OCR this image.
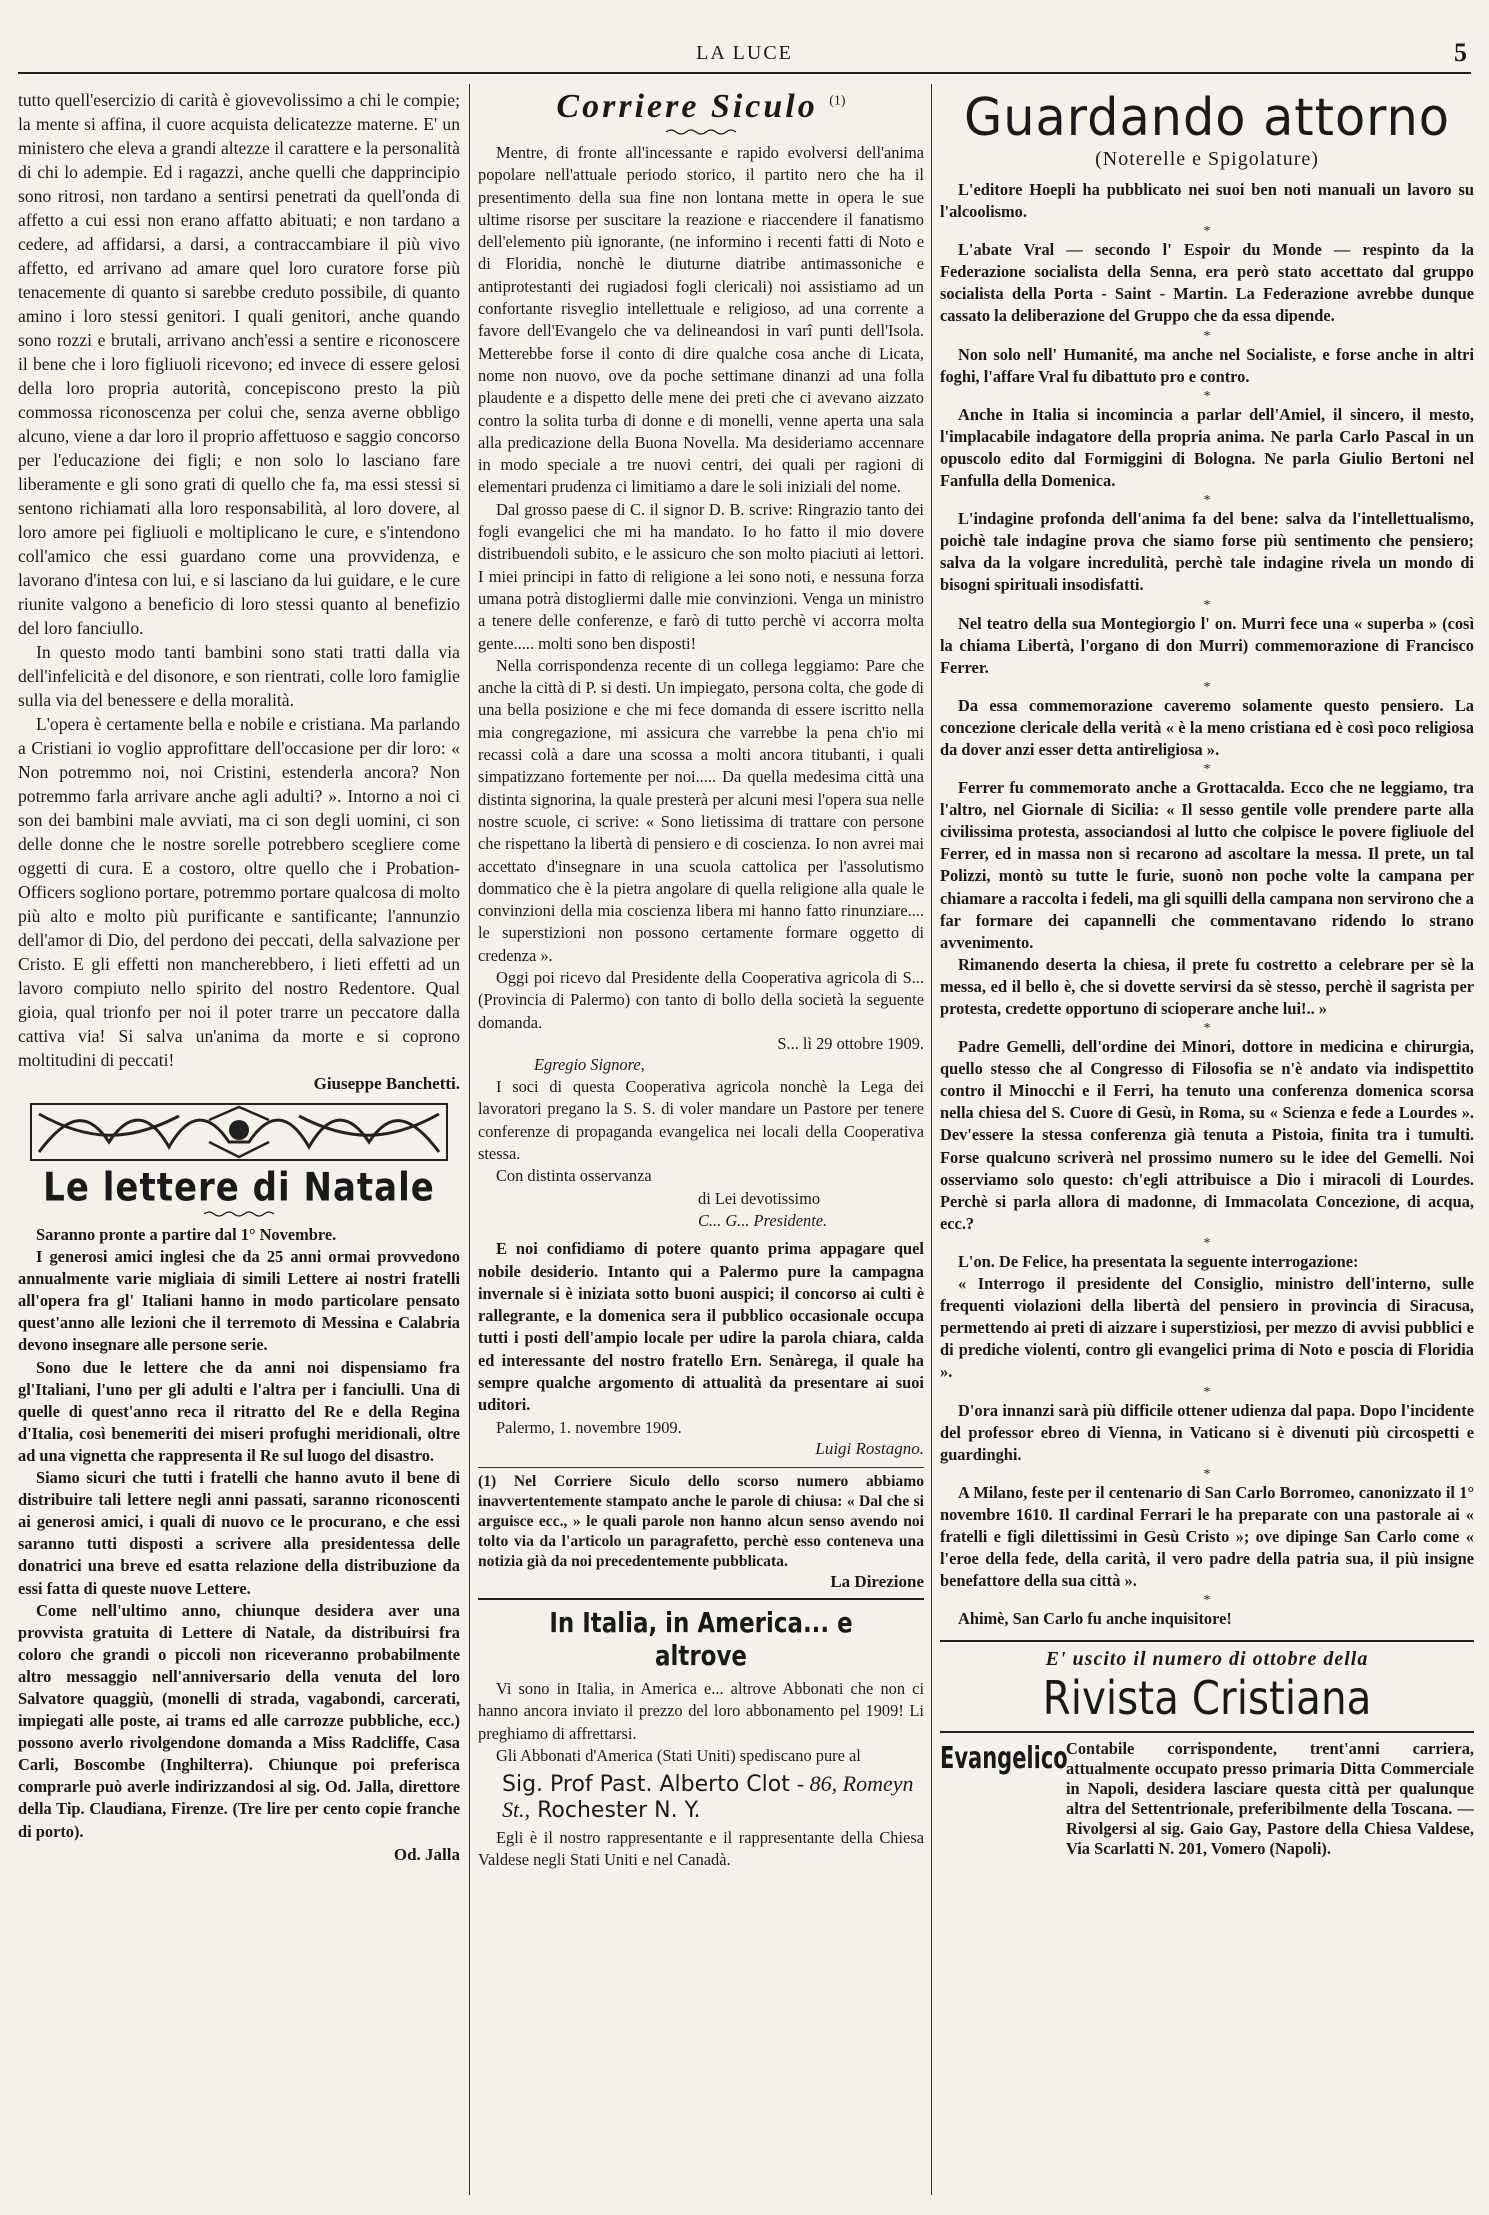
LA LUCE	5

tutto quell'esercizio di carità è giovevolissimo a chi le compie; la mente si affina, il cuore acquista delicatezze materne. E' un ministero che eleva a grandi altezze il carattere e la personalità di chi lo adempie. Ed i ragazzi, anche quelli che dapprincipio sono ritrosi, non tardano a sentirsi penetrati da quell'onda di affetto a cui essi non erano affatto abituati; e non tardano a cedere, ad affidarsi, a darsi, a contraccambiare il più vivo affetto, ed arrivano ad amare quel loro curatore forse più tenacemente di quanto si sarebbe creduto possibile, di quanto amino i loro stessi genitori. I quali genitori, anche quando sono rozzi e brutali, arrivano anch'essi a sentire e riconoscere il bene che i loro figliuoli ricevono; ed invece di essere gelosi della loro propria autorità, concepiscono presto la più commossa riconoscenza per colui che, senza averne obbligo alcuno, viene a dar loro il proprio affettuoso e saggio concorso per l'educazione dei figli; e non solo lo lasciano fare liberamente e gli sono grati di quello che fa, ma essi stessi si sentono richiamati alla loro responsabilità, al loro dovere, al loro amore pei figliuoli e moltiplicano le cure, e s'intendono coll'amico che essi guardano come una provvidenza, e lavorano d'intesa con lui, e si lasciano da lui guidare, e le cure riunite valgono a beneficio di loro stessi quanto al benefizio del loro fanciullo.

In questo modo tanti bambini sono stati tratti dalla via dell'infelicità e del disonore, e son rientrati, colle loro famiglie sulla via del benessere e della moralità.

L'opera è certamente bella e nobile e cristiana. Ma parlando a Cristiani io voglio approfittare dell'occasione per dir loro: « Non potremmo noi, noi Cristini, estenderla ancora? Non potremmo farla arrivare anche agli adulti? ». Intorno a noi ci son dei bambini male avviati, ma ci son degli uomini, ci son delle donne che le nostre sorelle potrebbero scegliere come oggetti di cura. E a costoro, oltre quello che i Probation-Officers sogliono portare, potremmo portare qualcosa di molto più alto e molto più purificante e santificante; l'annunzio dell'amor di Dio, del perdono dei peccati, della salvazione per Cristo. E gli effetti non mancherebbero, i lieti effetti ad un lavoro compiuto nello spirito del nostro Redentore. Qual gioia, qual trionfo per noi il poter trarre un peccatore dalla cattiva via! Si salva un'anima da morte e si coprono moltitudini di peccati!

Giuseppe Banchetti.
Le lettere di Natale

Saranno pronte a partire dal 1° Novembre.

I generosi amici inglesi che da 25 anni ormai provvedono annualmente varie migliaia di simili Lettere ai nostri fratelli all'opera fra gl' Italiani hanno in modo particolare pensato quest'anno alle lezioni che il terremoto di Messina e Calabria devono insegnare alle persone serie.

Sono due le lettere che da anni noi dispensiamo fra gl'Italiani, l'uno per gli adulti e l'altra per i fanciulli. Una di quelle di quest'anno reca il ritratto del Re e della Regina d'Italia, così benemeriti dei miseri profughi meridionali, oltre ad una vignetta che rappresenta il Re sul luogo del disastro.

Siamo sicuri che tutti i fratelli che hanno avuto il bene di distribuire tali lettere negli anni passati, saranno riconoscenti ai generosi amici, i quali di nuovo ce le procurano, e che essi saranno tutti disposti a scrivere alla presidentessa delle donatrici una breve ed esatta relazione della distribuzione da essi fatta di queste nuove Lettere.

Come nell'ultimo anno, chiunque desidera aver una provvista gratuita di Lettere di Natale, da distribuirsi fra coloro che grandi o piccoli non riceveranno probabilmente altro messaggio nell'anniversario della venuta del loro Salvatore quaggiù, (monelli di strada, vagabondi, carcerati, impiegati alle poste, ai trams ed alle carrozze pubbliche, ecc.) possono averlo rivolgendone domanda a Miss Radcliffe, Casa Carli, Boscombe (Inghilterra). Chiunque poi preferisca comprarle può averle indirizzandosi al sig. Od. Jalla, direttore della Tip. Claudiana, Firenze. (Tre lire per cento copie franche di porto).

Od. Jalla
Corriere Siculo $^{(1)}$

Mentre, di fronte all'incessante e rapido evolversi dell'anima popolare nell'attuale periodo storico, il partito nero che ha il presentimento della sua fine non lontana mette in opera le sue ultime risorse per suscitare la reazione e riaccendere il fanatismo dell'elemento più ignorante, (ne informino i recenti fatti di Noto e di Floridia, nonchè le diuturne diatribe antimassoniche e antiprotestanti dei rugiadosi fogli clericali) noi assistiamo ad un confortante risveglio intellettuale e religioso, ad una corrente a favore dell'Evangelo che va delineandosi in varî punti dell'Isola. Metterebbe forse il conto di dire qualche cosa anche di Licata, nome non nuovo, ove da poche settimane dinanzi ad una folla plaudente e a dispetto delle mene dei preti che ci avevano aizzato contro la solita turba di donne e di monelli, venne aperta una sala alla predicazione della Buona Novella. Ma desideriamo accennare in modo speciale a tre nuovi centri, dei quali per ragioni di elementari prudenza ci limitiamo a dare le soli iniziali del nome.

Dal grosso paese di C. il signor D. B. scrive: Ringrazio tanto dei fogli evangelici che mi ha mandato. Io ho fatto il mio dovere distribuendoli subito, e le assicuro che son molto piaciuti ai lettori. I miei principi in fatto di religione a lei sono noti, e nessuna forza umana potrà distogliermi dalle mie convinzioni. Venga un ministro a tenere delle conferenze, e farò di tutto perchè vi accorra molta gente..... molti sono ben disposti!

Nella corrispondenza recente di un collega leggiamo: Pare che anche la città di P. si desti. Un impiegato, persona colta, che gode di una bella posizione e che mi fece domanda di essere iscritto nella mia congregazione, mi assicura che varrebbe la pena ch'io mi recassi colà a dare una scossa a molti ancora titubanti, i quali simpatizzano fortemente per noi..... Da quella medesima città una distinta signorina, la quale presterà per alcuni mesi l'opera sua nelle nostre scuole, ci scrive: « Sono lietissima di trattare con persone che rispettano la libertà di pensiero e di coscienza. Io non avrei mai accettato d'insegnare in una scuola cattolica per l'assolutismo dommatico che è la pietra angolare di quella religione alla quale le convinzioni della mia coscienza libera mi hanno fatto rinunziare.... le superstizioni non possono certamente formare oggetto di credenza ».

Oggi poi ricevo dal Presidente della Cooperativa agricola di S... (Provincia di Palermo) con tanto di bollo della società la seguente domanda.

S... lì 29 ottobre 1909.

Egregio Signore,

I soci di questa Cooperativa agricola nonchè la Lega dei lavoratori pregano la S. S. di voler mandare un Pastore per tenere conferenze di propaganda evangelica nei locali della Cooperativa stessa.

Con distinta osservanza

di Lei devotissimo

C... G... Presidente.

E noi confidiamo di potere quanto prima appagare quel nobile desiderio. Intanto qui a Palermo pure la campagna invernale si è iniziata sotto buoni auspici; il concorso ai culti è rallegrante, e la domenica sera il pubblico occasionale occupa tutti i posti dell'ampio locale per udire la parola chiara, calda ed interessante del nostro fratello Ern. Senàrega, il quale ha sempre qualche argomento di attualità da presentare ai suoi uditori.

Palermo, 1. novembre 1909.

Luigi Rostagno.
(1) Nel Corriere Siculo dello scorso numero abbiamo inavvertentemente stampato anche le parole di chiusa: « Dal che si arguisce ecc., » le quali parole non hanno alcun senso avendo noi tolto via da l'articolo un paragrafetto, perchè esso conteneva una notizia già da noi precedentemente pubblicata.
La Direzione
In Italia, in America... e altrove

Vi sono in Italia, in America e... altrove Abbonati che non ci hanno ancora inviato il prezzo del loro abbonamento pel 1909! Li preghiamo di affrettarsi.

Gli Abbonati d'America (Stati Uniti) spediscano pure al

Sig. Prof Past. Alberto Clot - 86, Romeyn St., Rochester N. Y.

Egli è il nostro rappresentante e il rappresentante della Chiesa Valdese negli Stati Uniti e nel Canadà.

Guardando attorno
(Noterelle e Spigolature)

L'editore Hoepli ha pubblicato nei suoi ben noti manuali un lavoro su l'alcoolismo.

*

L'abate Vral — secondo l' Espoir du Monde — respinto da la Federazione socialista della Senna, era però stato accettato dal gruppo socialista della Porta - Saint - Martin. La Federazione avrebbe dunque cassato la deliberazione del Gruppo che da essa dipende.

*

Non solo nell' Humanité, ma anche nel Socialiste, e forse anche in altri foghi, l'affare Vral fu dibattuto pro e contro.

*

Anche in Italia si incomincia a parlar dell'Amiel, il sincero, il mesto, l'implacabile indagatore della propria anima. Ne parla Carlo Pascal in un opuscolo edito dal Formiggini di Bologna. Ne parla Giulio Bertoni nel Fanfulla della Domenica.

*

L'indagine profonda dell'anima fa del bene: salva da l'intellettualismo, poichè tale indagine prova che siamo forse più sentimento che pensiero; salva da la volgare incredulità, perchè tale indagine rivela un mondo di bisogni spirituali insodisfatti.

*

Nel teatro della sua Montegiorgio l' on. Murri fece una « superba » (così la chiama Libertà, l'organo di don Murri) commemorazione di Francisco Ferrer.

*

Da essa commemorazione caveremo solamente questo pensiero. La concezione clericale della verità « è la meno cristiana ed è così poco religiosa da dover anzi esser detta antireligiosa ».

*

Ferrer fu commemorato anche a Grottacalda. Ecco che ne leggiamo, tra l'altro, nel Giornale di Sicilia: « Il sesso gentile volle prendere parte alla civilissima protesta, associandosi al lutto che colpisce le povere figliuole del Ferrer, ed in massa non si recarono ad ascoltare la messa. Il prete, un tal Polizzi, montò su tutte le furie, suonò non poche volte la campana per chiamare a raccolta i fedeli, ma gli squilli della campana non servirono che a far formare dei capannelli che commentavano ridendo lo strano avvenimento.

Rimanendo deserta la chiesa, il prete fu costretto a celebrare per sè la messa, ed il bello è, che si dovette servirsi da sè stesso, perchè il sagrista per protesta, credette opportuno di scioperare anche lui!.. »

*

Padre Gemelli, dell'ordine dei Minori, dottore in medicina e chirurgia, quello stesso che al Congresso di Filosofia se n'è andato via indispettito contro il Minocchi e il Ferri, ha tenuto una conferenza domenica scorsa nella chiesa del S. Cuore di Gesù, in Roma, su « Scienza e fede a Lourdes ». Dev'essere la stessa conferenza già tenuta a Pistoia, finita tra i tumulti. Forse qualcuno scriverà nel prossimo numero su le idee del Gemelli. Noi osserviamo solo questo: ch'egli attribuisce a Dio i miracoli di Lourdes. Perchè si parla allora di madonne, di Immacolata Concezione, di acqua, ecc.?

*

L'on. De Felice, ha presentata la seguente interrogazione:

« Interrogo il presidente del Consiglio, ministro dell'interno, sulle frequenti violazioni della libertà del pensiero in provincia di Siracusa, permettendo ai preti di aizzare i superstiziosi, per mezzo di avvisi pubblici e di prediche violenti, contro gli evangelici prima di Noto e poscia di Floridia ».

*

D'ora innanzi sarà più difficile ottener udienza dal papa. Dopo l'incidente del professor ebreo di Vienna, in Vaticano si è divenuti più circospetti e guardinghi.

*

A Milano, feste per il centenario di San Carlo Borromeo, canonizzato il 1° novembre 1610. Il cardinal Ferrari le ha preparate con una pastorale ai « fratelli e figli dilettissimi in Gesù Cristo »; ove dipinge San Carlo come « l'eroe della fede, della carità, il vero padre della patria sua, il più insigne benefattore della sua città ».

*

Ahimè, San Carlo fu anche inquisitore!

E' uscito il numero di ottobre della
Rivista Cristiana
Evangelico
Contabile corrispondente, trent'anni carriera, attualmente occupato presso primaria Ditta Commerciale in Napoli, desidera lasciare questa città per qualunque altra del Settentrionale, preferibilmente della Toscana. — Rivolgersi al sig. Gaio Gay, Pastore della Chiesa Valdese, Via Scarlatti N. 201, Vomero (Napoli).
